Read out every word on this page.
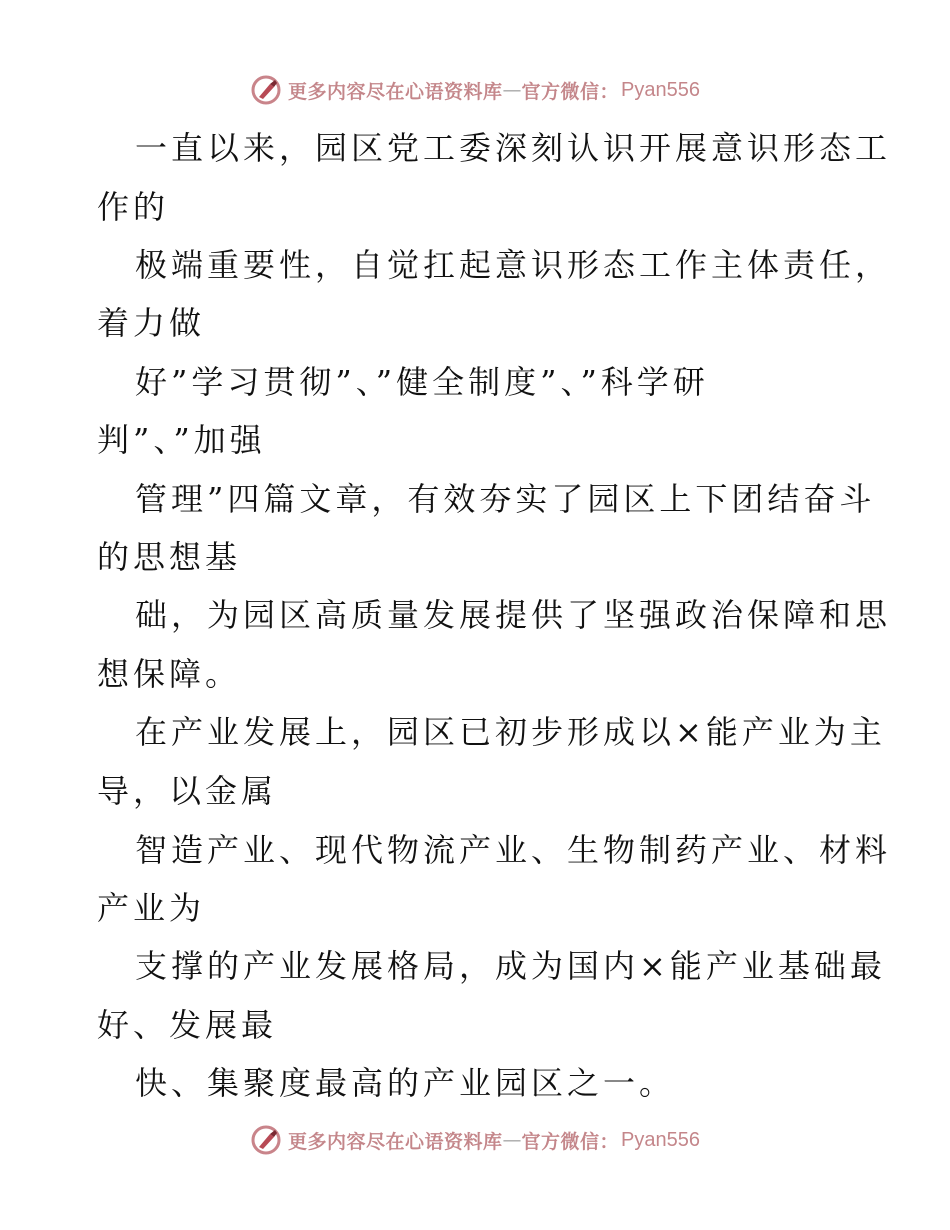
更多内容尽在心语资料库 — 官方微信： Pyan556
一直以来，园区党工委深刻认识开展意识形态工
作的
极端重要性，自觉扛起意识形态工作主体责任，
着力做
好”学习贯彻”、”健全制度”、”科学研
判”、”加强
管理”四篇文章，有效夯实了园区上下团结奋斗
的思想基
础，为园区高质量发展提供了坚强政治保障和思
想保障。
在产业发展上，园区已初步形成以×能产业为主
导，以金属
智造产业、现代物流产业、生物制药产业、材料
产业为
支撑的产业发展格局，成为国内×能产业基础最
好、发展最
快、集聚度最高的产业园区之一。
更多内容尽在心语资料库 — 官方微信： Pyan556
